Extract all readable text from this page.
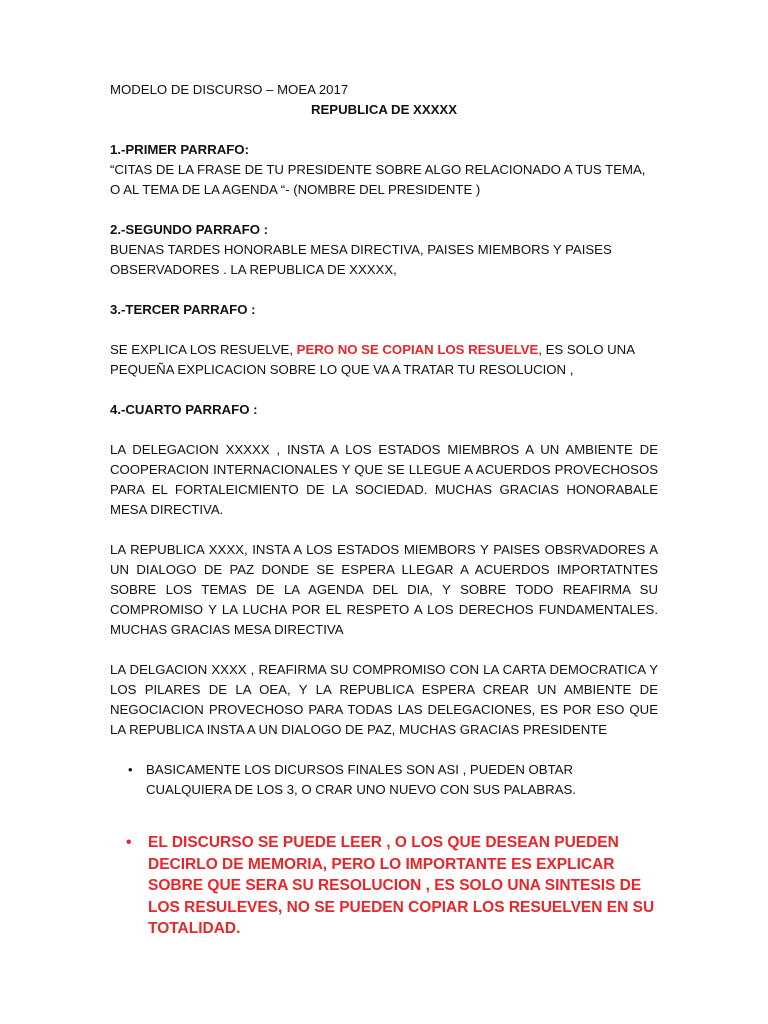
MODELO DE DISCURSO – MOEA 2017

REPUBLICA DE XXXXX

1.-PRIMER PARRAFO:

“CITAS DE LA FRASE DE TU PRESIDENTE SOBRE ALGO RELACIONADO A TUS TEMA, O AL TEMA DE LA AGENDA “- (NOMBRE DEL PRESIDENTE )

2.-SEGUNDO PARRAFO :

BUENAS TARDES HONORABLE MESA DIRECTIVA, PAISES MIEMBORS Y PAISES OBSERVADORES . LA REPUBLICA DE XXXXX,

3.-TERCER PARRAFO :

SE EXPLICA LOS RESUELVE, PERO NO SE COPIAN LOS RESUELVE, ES SOLO UNA PEQUEÑA EXPLICACION SOBRE LO QUE VA A TRATAR TU RESOLUCION ,

4.-CUARTO PARRAFO :

LA DELEGACION XXXXX , INSTA A LOS ESTADOS MIEMBROS A UN AMBIENTE DE COOPERACION INTERNACIONALES Y QUE SE LLEGUE A ACUERDOS PROVECHOSOS PARA EL FORTALEICMIENTO DE LA SOCIEDAD. MUCHAS GRACIAS HONORABALE MESA DIRECTIVA.

LA REPUBLICA XXXX, INSTA A LOS ESTADOS MIEMBORS Y PAISES OBSRVADORES A UN DIALOGO DE PAZ DONDE SE ESPERA LLEGAR A ACUERDOS IMPORTATNTES SOBRE LOS TEMAS DE LA AGENDA DEL DIA, Y SOBRE TODO REAFIRMA SU COMPROMISO Y LA LUCHA POR EL RESPETO A LOS DERECHOS FUNDAMENTALES. MUCHAS GRACIAS MESA DIRECTIVA

LA DELGACION XXXX , REAFIRMA SU COMPROMISO CON LA CARTA DEMOCRATICA Y LOS PILARES DE LA OEA, Y LA REPUBLICA ESPERA CREAR UN AMBIENTE DE NEGOCIACION PROVECHOSO PARA TODAS LAS DELEGACIONES, ES POR ESO QUE LA REPUBLICA INSTA A UN DIALOGO DE PAZ, MUCHAS GRACIAS PRESIDENTE

• BASICAMENTE LOS DICURSOS FINALES SON ASI , PUEDEN OBTAR CUALQUIERA DE LOS 3, O CRAR UNO NUEVO CON SUS PALABRAS.
• EL DISCURSO SE PUEDE LEER , O LOS QUE DESEAN PUEDEN DECIRLO DE MEMORIA, PERO LO IMPORTANTE ES EXPLICAR SOBRE QUE SERA SU RESOLUCION , ES SOLO UNA SINTESIS DE LOS RESULEVES, NO SE PUEDEN COPIAR LOS RESUELVEN EN SU TOTALIDAD.
